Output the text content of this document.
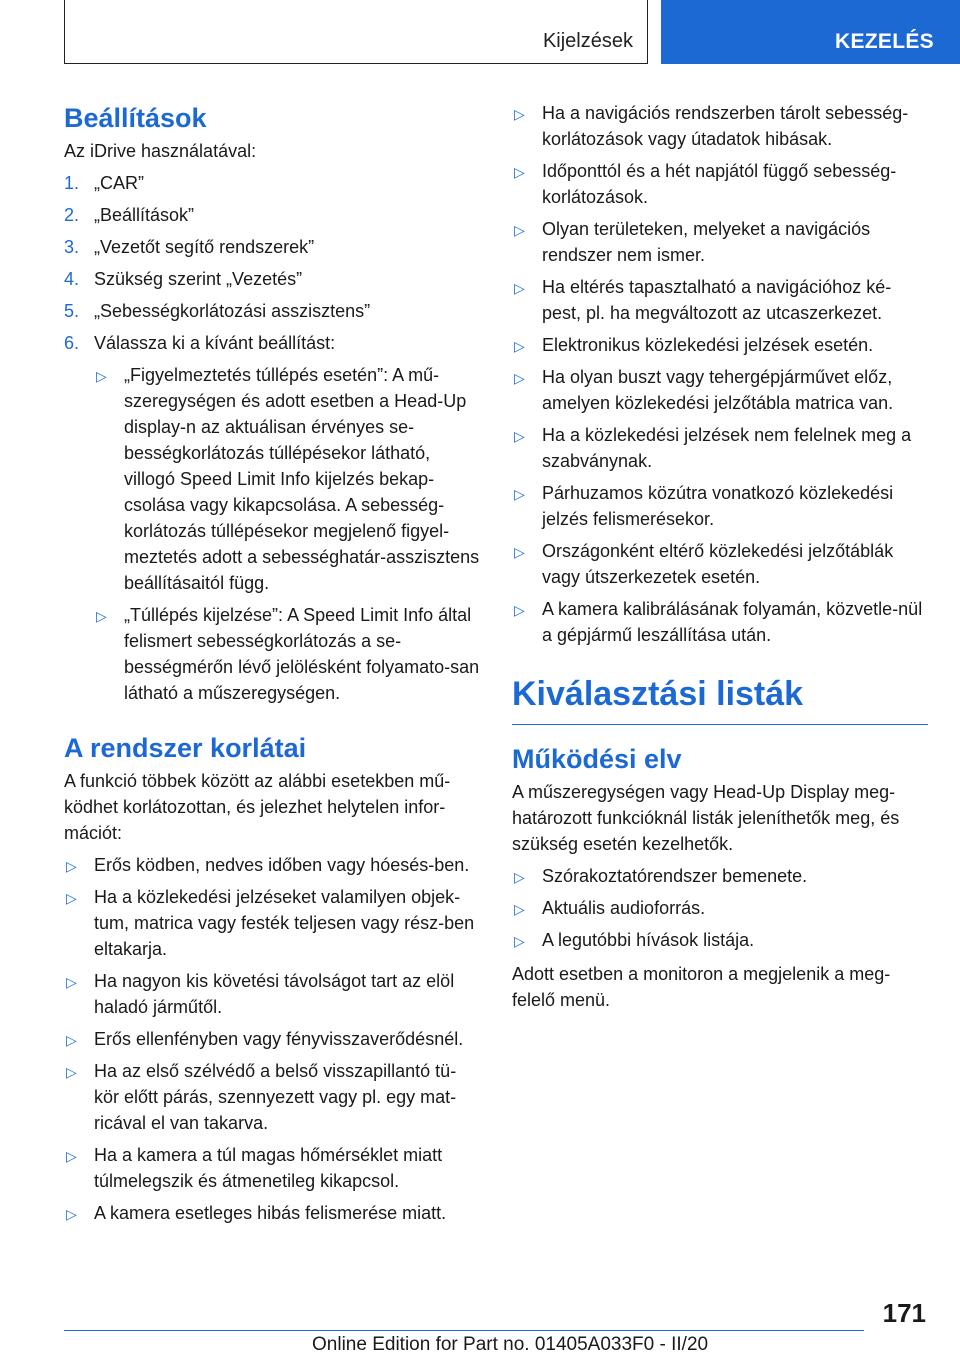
Kijelzések	KEZELÉS
Beállítások

Az iDrive használatával:

1. „CAR”
2. „Beállítások”
3. „Vezetőt segítő rendszerek”
4. Szükség szerint „Vezetés”
5. „Sebességkorlátozási asszisztens”
6. Válassza ki a kívánt beállítást:
▷ „Figyelmeztetés túllépés esetén”: A mű-szeregységen és adott esetben a Head-Up display-n az aktuálisan érvényes se-bességkorlátozás túllépésekor látható, villogó Speed Limit Info kijelzés bekap-csolása vagy kikapcsolása. A sebesség-korlátozás túllépésekor megjelenő figyel-meztetés adott a sebességhatár-asszisztens beállításaitól függ.
▷ „Túllépés kijelzése”: A Speed Limit Info által felismert sebességkorlátozás a se-bességmérőn lévő jelölésként folyamato-san látható a műszeregységen.
A rendszer korlátai

A funkció többek között az alábbi esetekben mű-ködhet korlátozottan, és jelezhet helytelen infor-mációt:

▷ Erős ködben, nedves időben vagy hóesés-ben.
▷ Ha a közlekedési jelzéseket valamilyen objek-tum, matrica vagy festék teljesen vagy rész-ben eltakarja.
▷ Ha nagyon kis követési távolságot tart az elöl haladó járműtől.
▷ Erős ellenfényben vagy fényvisszaverődésnél.
▷ Ha az első szélvédő a belső visszapillantó tü-kör előtt párás, szennyezett vagy pl. egy mat-ricával el van takarva.
▷ Ha a kamera a túl magas hőmérséklet miatt túlmelegszik és átmenetileg kikapcsol.
▷ A kamera esetleges hibás felismerése miatt.
▷ Ha a navigációs rendszerben tárolt sebesség-korlátozások vagy útadatok hibásak.
▷ Időponttól és a hét napjától függő sebesség-korlátozások.
▷ Olyan területeken, melyeket a navigációs rendszer nem ismer.
▷ Ha eltérés tapasztalható a navigációhoz ké-pest, pl. ha megváltozott az utcaszerkezet.
▷ Elektronikus közlekedési jelzések esetén.
▷ Ha olyan buszt vagy tehergépjárművet előz, amelyen közlekedési jelzőtábla matrica van.
▷ Ha a közlekedési jelzések nem felelnek meg a szabványnak.
▷ Párhuzamos közútra vonatkozó közlekedési jelzés felismerésekor.
▷ Országonként eltérő közlekedési jelzőtáblák vagy útszerkezetek esetén.
▷ A kamera kalibrálásának folyamán, közvetle-nül a gépjármű leszállítása után.
Kiválasztási listák
Működési elv

A műszeregységen vagy Head-Up Display meg-határozott funkcióknál listák jeleníthetők meg, és szükség esetén kezelhetők.

▷ Szórakoztatórendszer bemenete.
▷ Aktuális audioforrás.
▷ A legutóbbi hívások listája.

Adott esetben a monitoron a megjelenik a meg-felelő menü.

171
Online Edition for Part no. 01405A033F0 - II/20
